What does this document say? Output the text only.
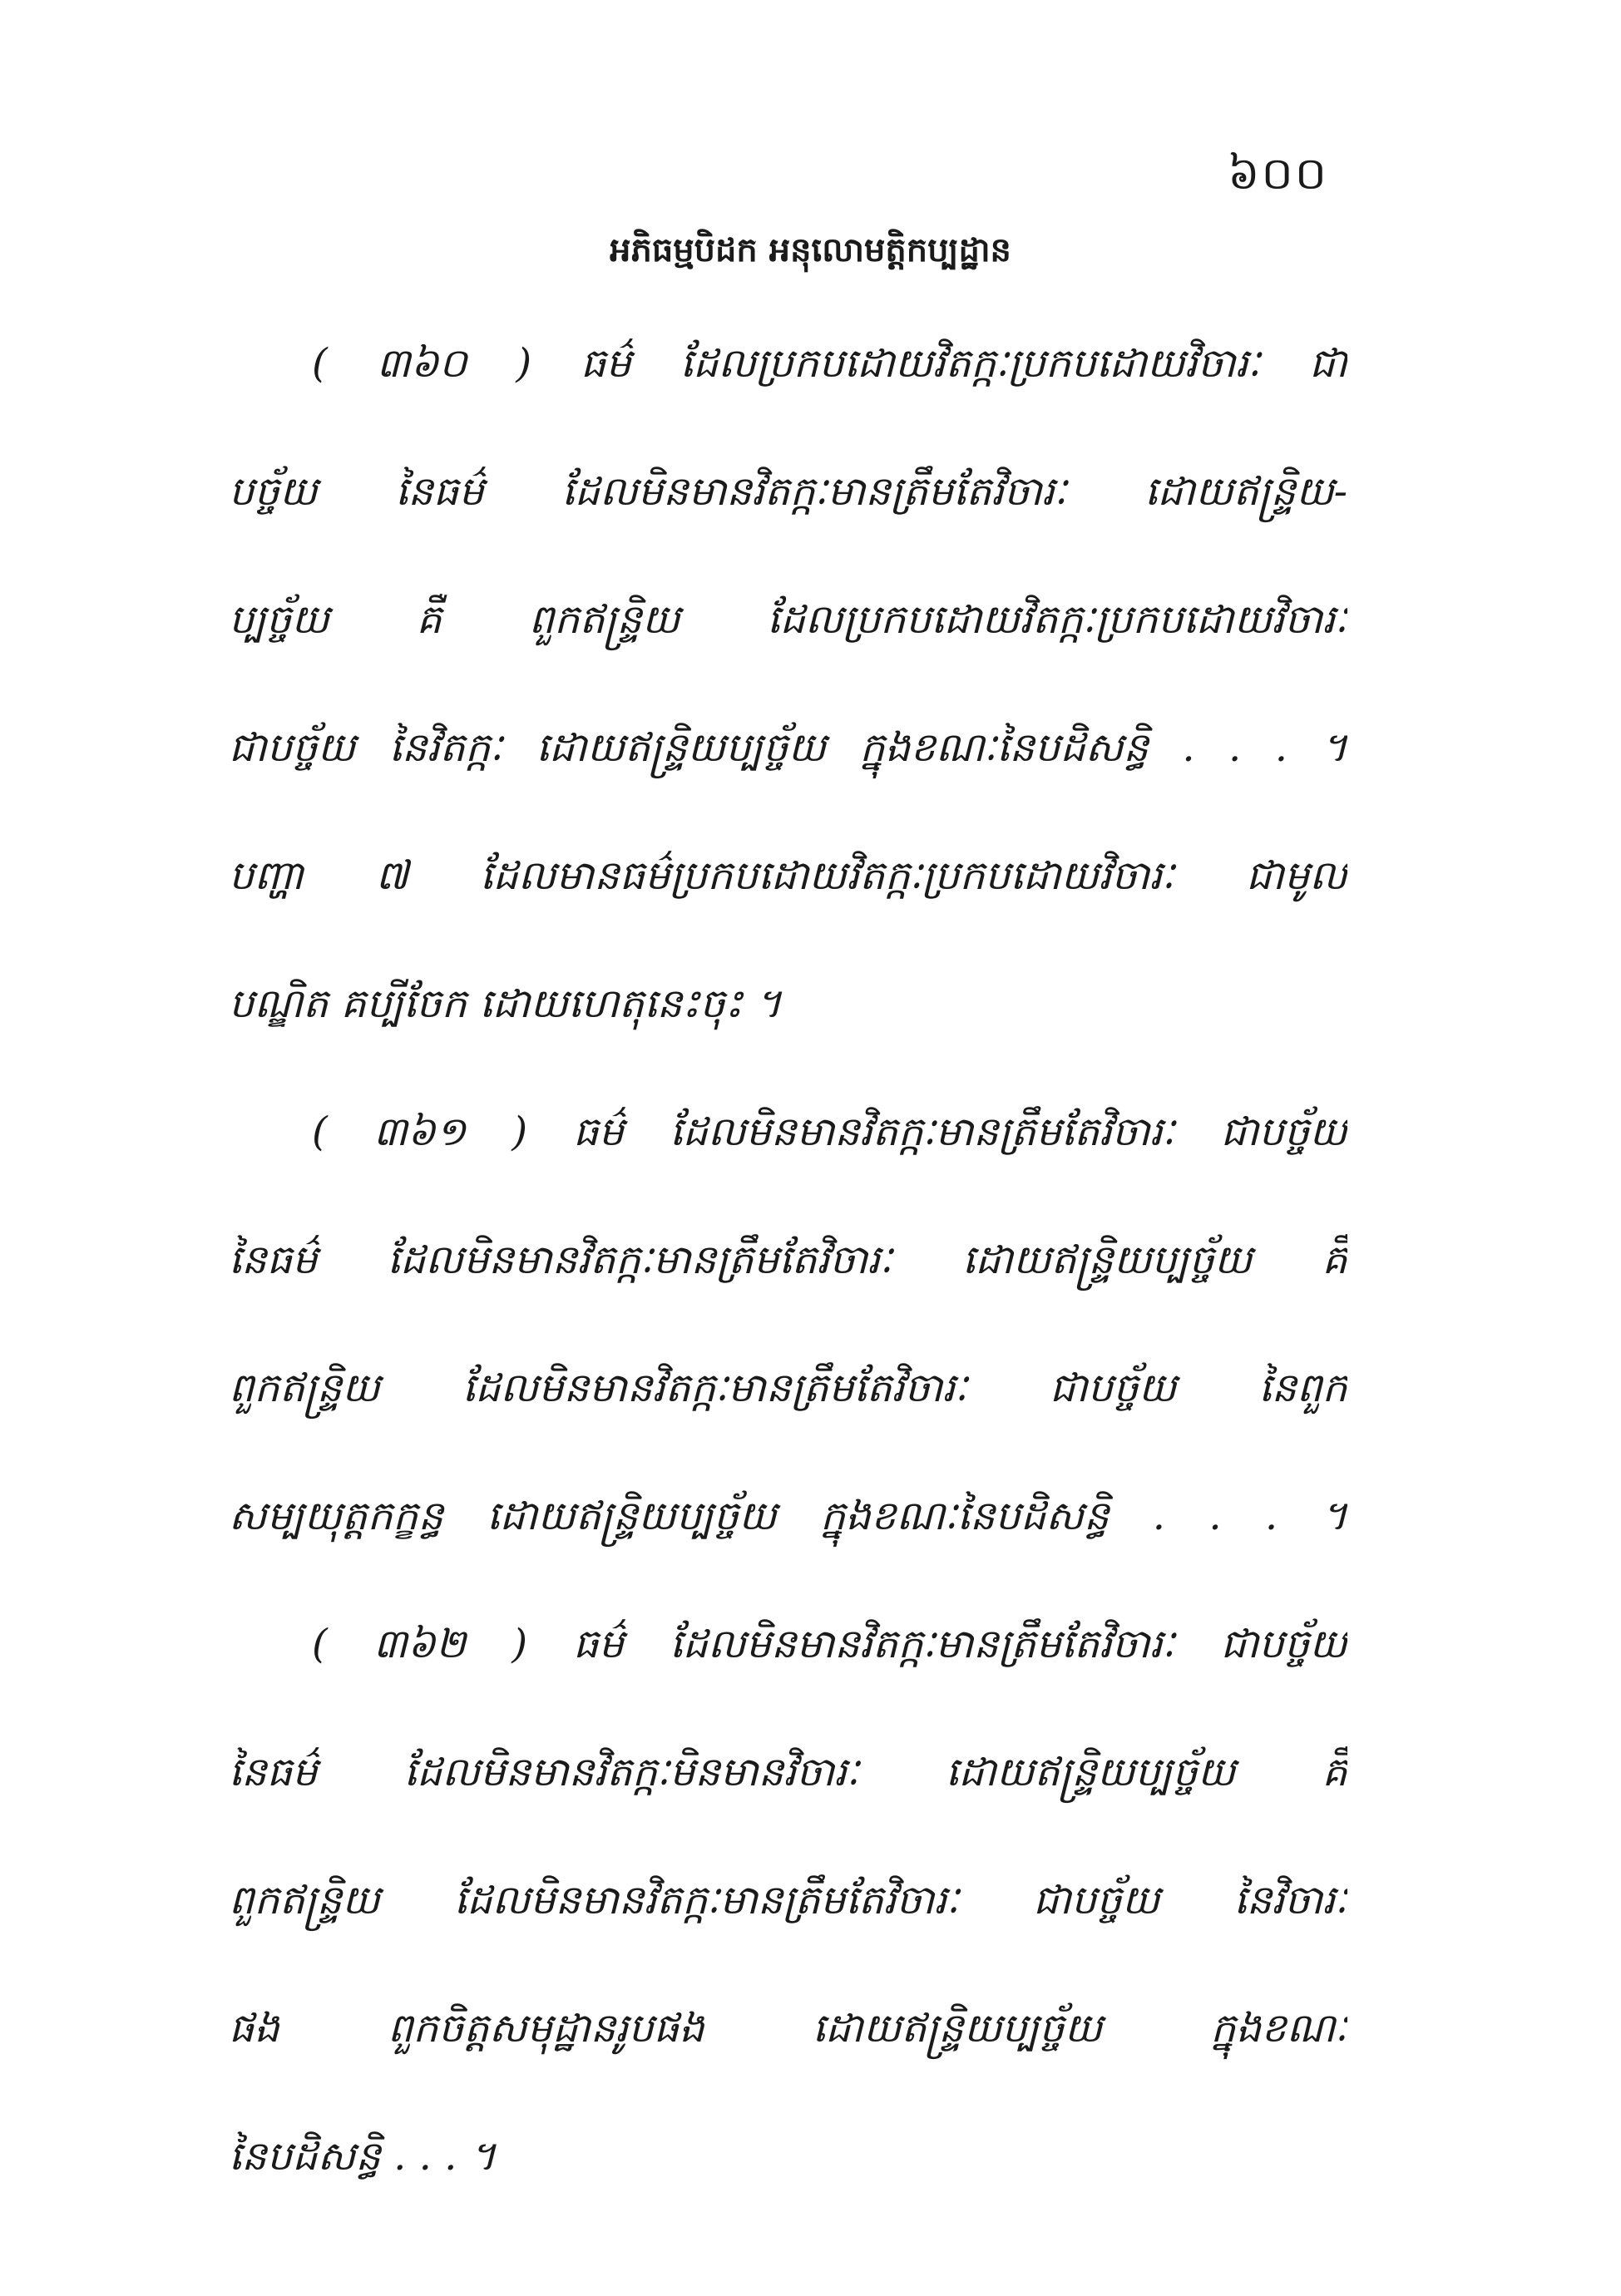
៦០០
អភិធម្មបិដក អនុលោមត្តិកប្បដ្ឋាន
( ៣៦០ ) ធម៌ ដែលប្រកបដោយវិតក្កៈប្រកបដោយវិចារៈ ជា
បច្ច័យ នៃធម៌ ដែលមិនមានវិតក្កៈមានត្រឹមតែវិចារៈ ដោយឥន្ទ្រិយ-
ប្បច្ច័យ គឺ ពួកឥន្ទ្រិយ ដែលប្រកបដោយវិតក្កៈប្រកបដោយវិចារៈ
ជាបច្ច័យ នៃវិតក្កៈ ដោយឥន្ទ្រិយប្បច្ច័យ ក្នុងខណៈនៃបដិសន្ធិ . . . ។
បញ្ហា ៧ ដែលមានធម៌ប្រកបដោយវិតក្កៈប្រកបដោយវិចារៈ ជាមូល
បណ្ឌិត គប្បីចែក ដោយហេតុនេះចុះ ។
( ៣៦១ ) ធម៌ ដែលមិនមានវិតក្កៈមានត្រឹមតែវិចារៈ ជាបច្ច័យ
នៃធម៌ ដែលមិនមានវិតក្កៈមានត្រឹមតែវិចារៈ ដោយឥន្ទ្រិយប្បច្ច័យ គឺ
ពួកឥន្ទ្រិយ ដែលមិនមានវិតក្កៈមានត្រឹមតែវិចារៈ ជាបច្ច័យ នៃពួក
សម្បយុត្តកក្ខន្ធ ដោយឥន្ទ្រិយប្បច្ច័យ ក្នុងខណៈនៃបដិសន្ធិ . . . ។
( ៣៦២ ) ធម៌ ដែលមិនមានវិតក្កៈមានត្រឹមតែវិចារៈ ជាបច្ច័យ
នៃធម៌ ដែលមិនមានវិតក្កៈមិនមានវិចារៈ ដោយឥន្ទ្រិយប្បច្ច័យ គឺ
ពួកឥន្ទ្រិយ ដែលមិនមានវិតក្កៈមានត្រឹមតែវិចារៈ ជាបច្ច័យ នៃវិចារៈ
ផង ពួកចិត្តសមុដ្ឋានរូបផង ដោយឥន្ទ្រិយប្បច្ច័យ ក្នុងខណៈ
នៃបដិសន្ធិ . . . ។
